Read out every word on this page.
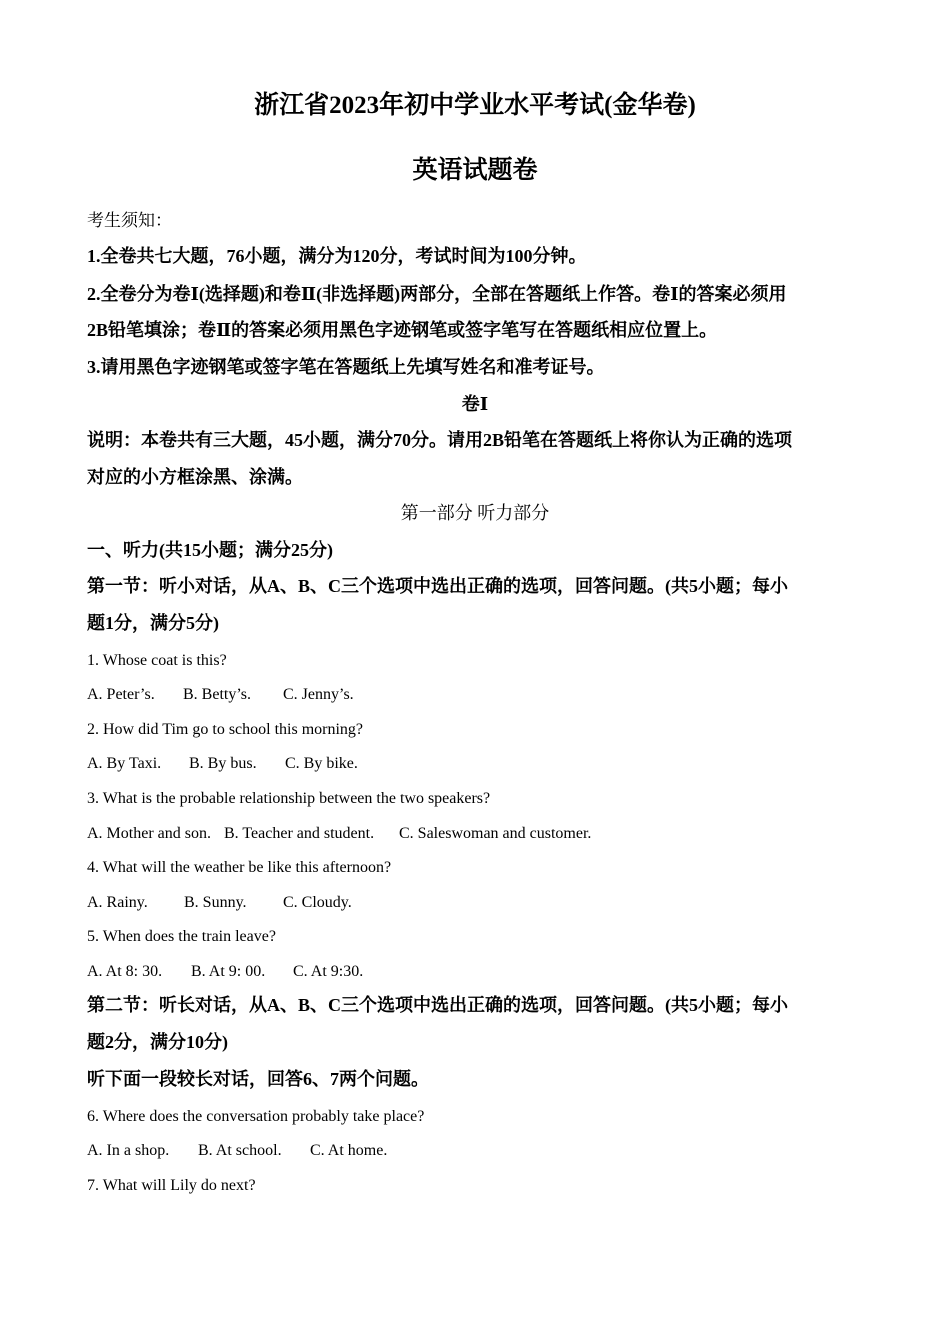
浙江省2023年初中学业水平考试(金华卷)
英语试题卷
考生须知：
1.全卷共七大题，76小题，满分为120分，考试时间为100分钟。
2.全卷分为卷Ⅰ(选择题)和卷Ⅱ(非选择题)两部分，全部在答题纸上作答。卷Ⅰ的答案必须用
2B铅笔填涂；卷Ⅱ的答案必须用黑色字迹钢笔或签字笔写在答题纸相应位置上。
3.请用黑色字迹钢笔或签字笔在答题纸上先填写姓名和准考证号。
卷Ⅰ
说明：本卷共有三大题，45小题，满分70分。请用2B铅笔在答题纸上将你认为正确的选项
对应的小方框涂黑、涂满。
第一部分 听力部分
一、听力(共15小题；满分25分)
第一节：听小对话，从A、B、C三个选项中选出正确的选项，回答问题。(共5小题；每小
题1分，满分5分)
1. Whose coat is this?
A. Peter’s. B. Betty’s. C. Jenny’s.
2. How did Tim go to school this morning?
A. By Taxi. B. By bus. C. By bike.
3. What is the probable relationship between the two speakers?
A. Mother and son. B. Teacher and student. C. Saleswoman and customer.
4. What will the weather be like this afternoon?
A. Rainy. B. Sunny. C. Cloudy.
5. When does the train leave?
A. At 8: 30. B. At 9: 00. C. At 9:30.
第二节：听长对话，从A、B、C三个选项中选出正确的选项，回答问题。(共5小题；每小
题2分，满分10分)
听下面一段较长对话，回答6、7两个问题。
6. Where does the conversation probably take place?
A. In a shop. B. At school. C. At home.
7. What will Lily do next?
